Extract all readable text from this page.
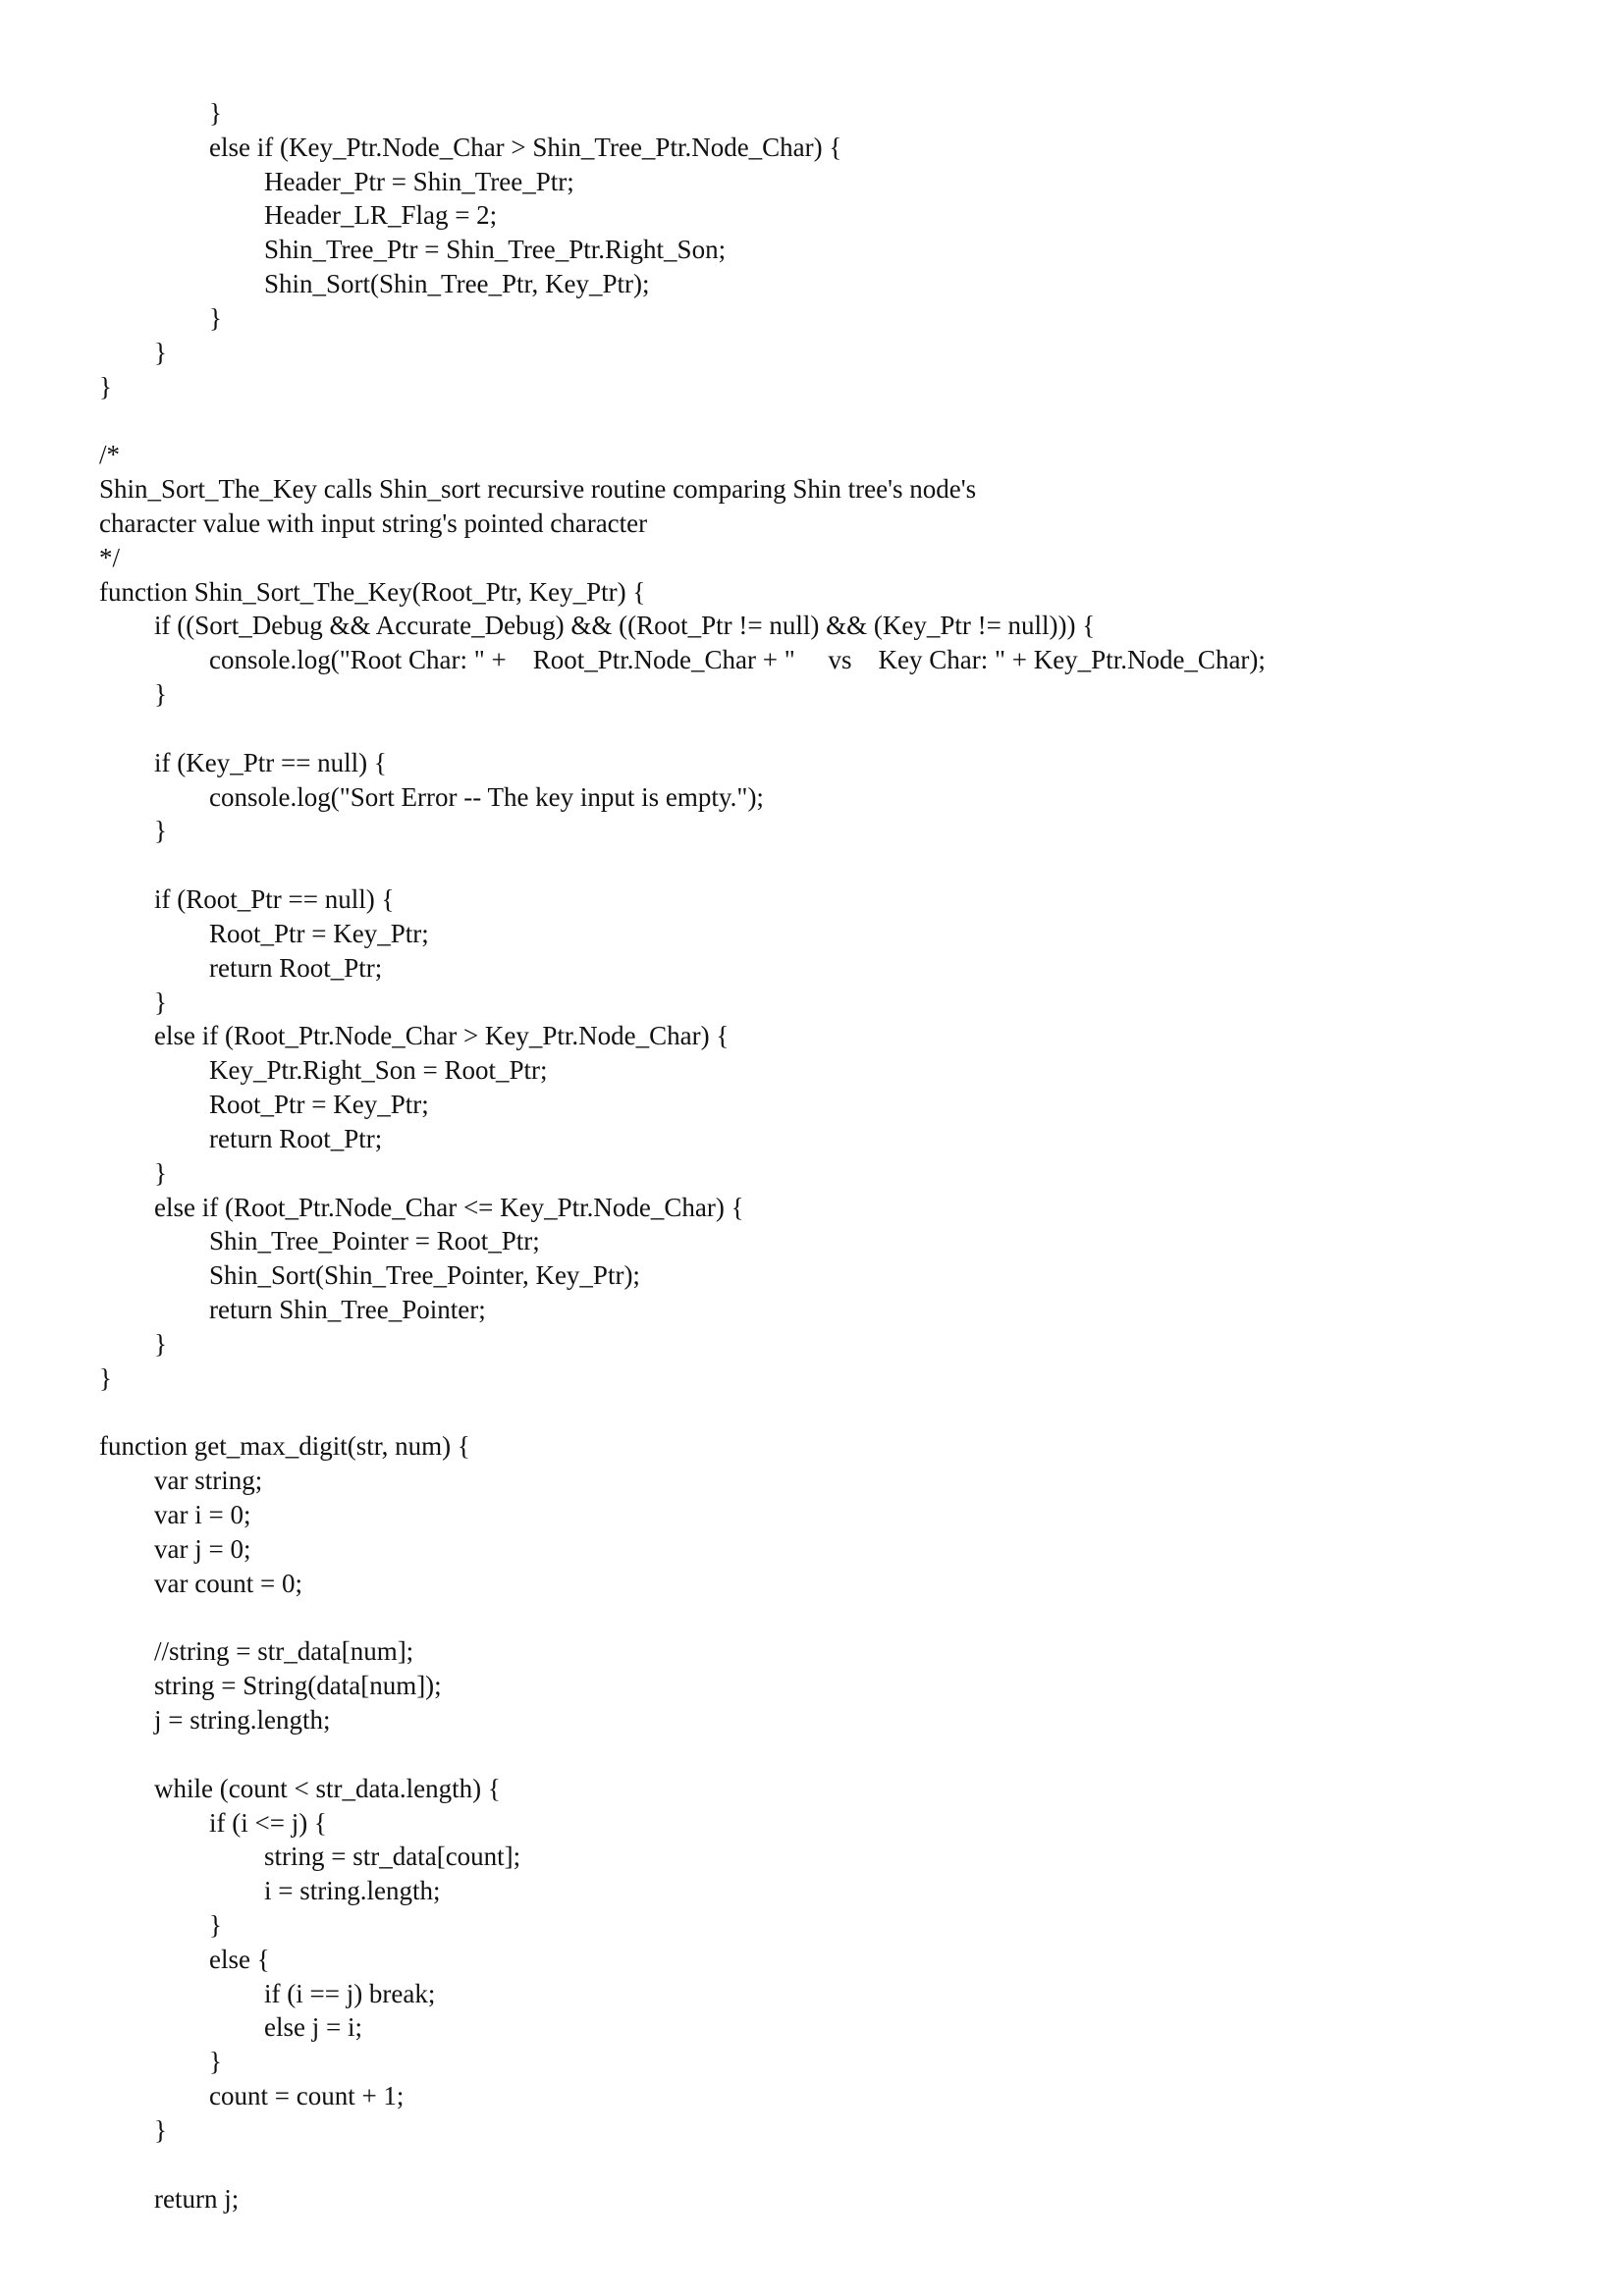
}
else if (Key_Ptr.Node_Char > Shin_Tree_Ptr.Node_Char) {
Header_Ptr = Shin_Tree_Ptr;
Header_LR_Flag = 2;
Shin_Tree_Ptr = Shin_Tree_Ptr.Right_Son;
Shin_Sort(Shin_Tree_Ptr, Key_Ptr);
}
}
}
/*
Shin_Sort_The_Key calls Shin_sort recursive routine comparing Shin tree's node's
character value with input string's pointed character
*/
function Shin_Sort_The_Key(Root_Ptr, Key_Ptr) {
if ((Sort_Debug && Accurate_Debug) && ((Root_Ptr != null) && (Key_Ptr != null))) {
console.log("Root Char: " +    Root_Ptr.Node_Char + "     vs    Key Char: " + Key_Ptr.Node_Char);
}
if (Key_Ptr == null) {
console.log("Sort Error -- The key input is empty.");
}
if (Root_Ptr == null) {
Root_Ptr = Key_Ptr;
return Root_Ptr;
}
else if (Root_Ptr.Node_Char > Key_Ptr.Node_Char) {
Key_Ptr.Right_Son = Root_Ptr;
Root_Ptr = Key_Ptr;
return Root_Ptr;
}
else if (Root_Ptr.Node_Char <= Key_Ptr.Node_Char) {
Shin_Tree_Pointer = Root_Ptr;
Shin_Sort(Shin_Tree_Pointer, Key_Ptr);
return Shin_Tree_Pointer;
}
}
function get_max_digit(str, num) {
var string;
var i = 0;
var j = 0;
var count = 0;
//string = str_data[num];
string = String(data[num]);
j = string.length;
while (count < str_data.length) {
if (i <= j) {
string = str_data[count];
i = string.length;
}
else {
if (i == j) break;
else j = i;
}
count = count + 1;
}
return j;
